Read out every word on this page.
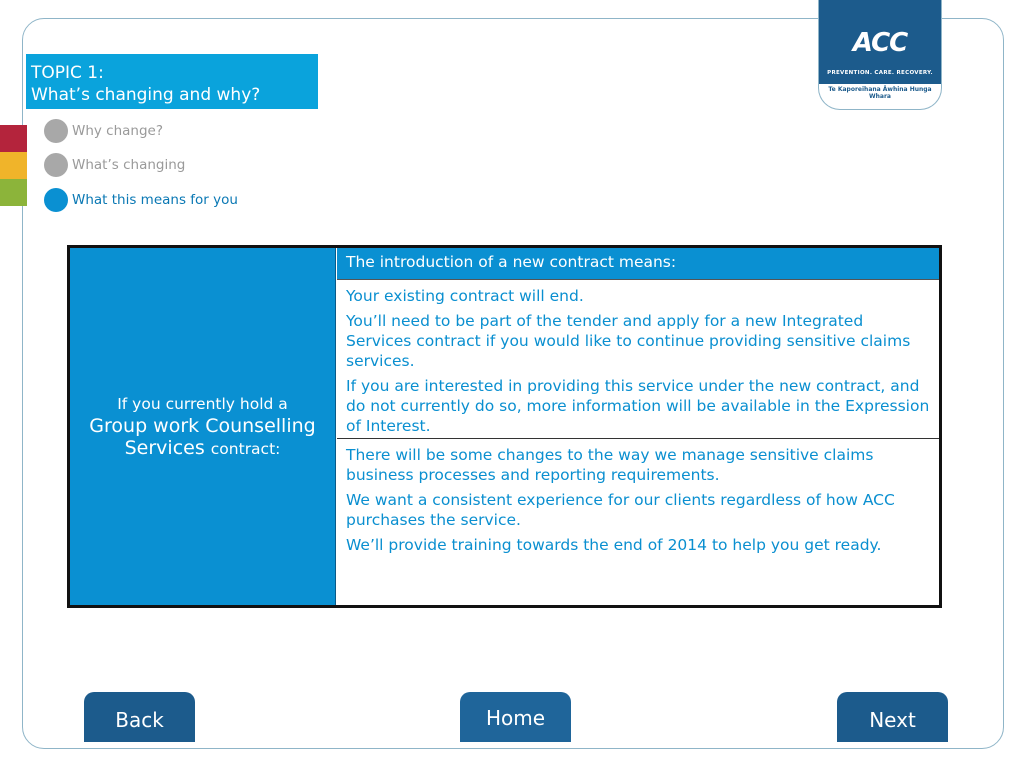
ACC
PREVENTION. CARE. RECOVERY.
Te Kaporeihana Āwhina Hunga Whara
TOPIC 1:
What’s changing and why?
Why change?
What’s changing
What this means for you
If you currently hold a
Group work Counselling Services contract:
The introduction of a new contract means:

Your existing contract will end.

You’ll need to be part of the tender and apply for a new Integrated Services contract if you would like to continue providing sensitive claims services.

If you are interested in providing this service under the new contract, and do not currently do so, more information will be available in the Expression of Interest.

There will be some changes to the way we manage sensitive claims business processes and reporting requirements.

We want a consistent experience for our clients regardless of how ACC purchases the service.

We’ll provide training towards the end of 2014 to help you get ready.

Back	Home	Next
